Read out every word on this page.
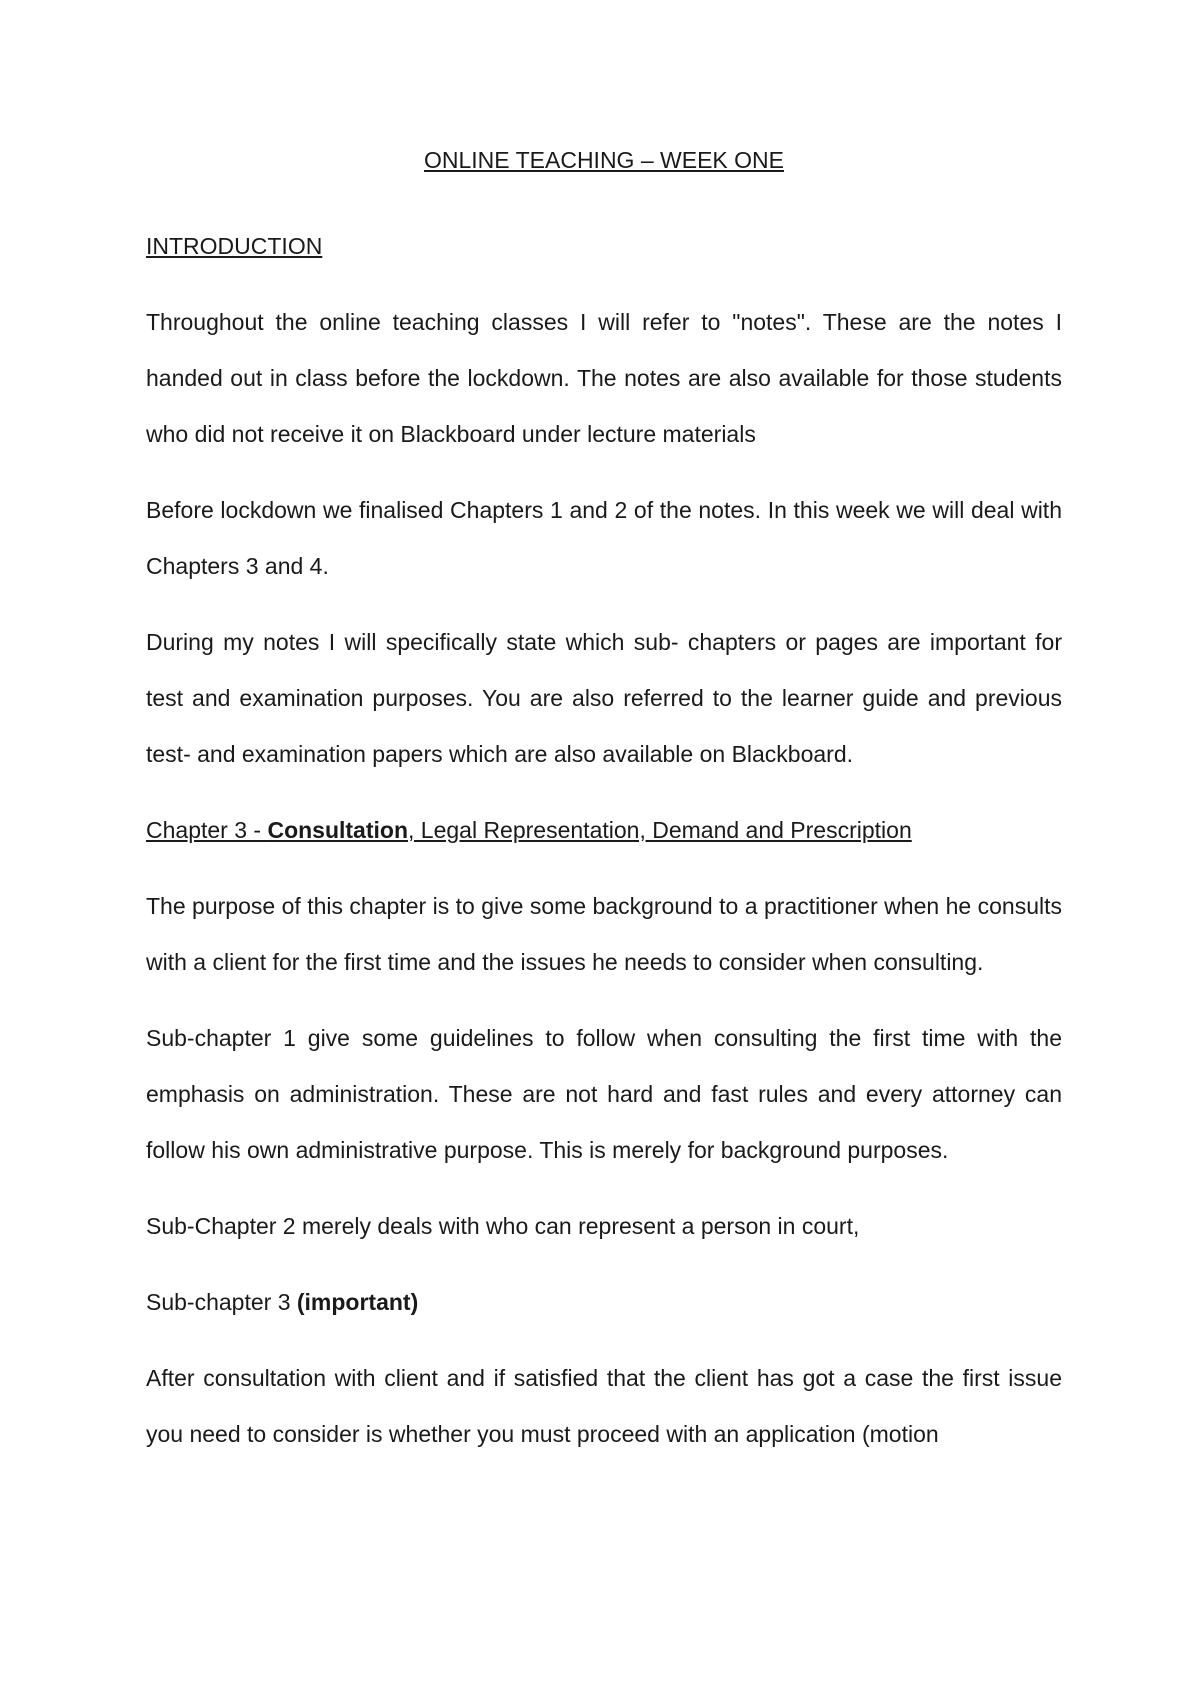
ONLINE TEACHING – WEEK ONE
INTRODUCTION

Throughout the online teaching classes I will refer to "notes". These are the notes I handed out in class before the lockdown. The notes are also available for those students who did not receive it on Blackboard under lecture materials

Before lockdown we finalised Chapters 1 and 2 of the notes. In this week we will deal with Chapters 3 and 4.

During my notes I will specifically state which sub- chapters or pages are important for test and examination purposes. You are also referred to the learner guide and previous test- and examination papers which are also available on Blackboard.

Chapter 3 - Consultation, Legal Representation, Demand and Prescription

The purpose of this chapter is to give some background to a practitioner when he consults with a client for the first time and the issues he needs to consider when consulting.

Sub-chapter 1 give some guidelines to follow when consulting the first time with the emphasis on administration. These are not hard and fast rules and every attorney can follow his own administrative purpose. This is merely for background purposes.

Sub-Chapter 2 merely deals with who can represent a person in court,

Sub-chapter 3 (important)

After consultation with client and if satisfied that the client has got a case the first issue you need to consider is whether you must proceed with an application (motion
